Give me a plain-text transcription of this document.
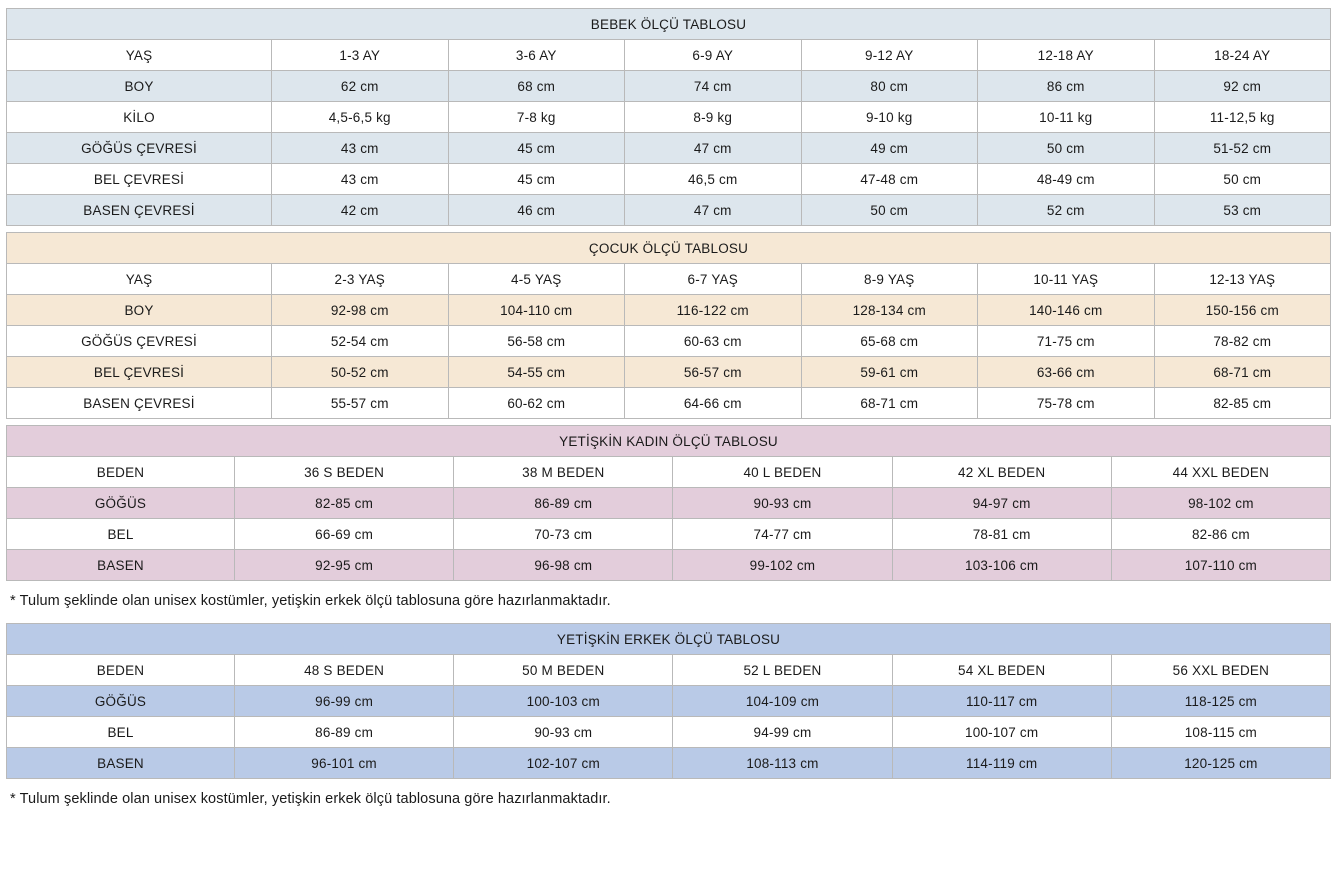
BEBEK ÖLÇÜ TABLOSU						
YAŞ	1-3 AY	3-6 AY	6-9 AY	9-12 AY	12-18 AY	18-24 AY
BOY	62 cm	68 cm	74 cm	80 cm	86 cm	92 cm
KİLO	4,5-6,5 kg	7-8 kg	8-9 kg	9-10 kg	10-11 kg	11-12,5 kg
GÖĞÜS ÇEVRESİ	43 cm	45 cm	47 cm	49 cm	50 cm	51-52 cm
BEL ÇEVRESİ	43 cm	45 cm	46,5 cm	47-48 cm	48-49 cm	50 cm
BASEN ÇEVRESİ	42 cm	46 cm	47 cm	50 cm	52 cm	53 cm
ÇOCUK ÖLÇÜ TABLOSU						
YAŞ	2-3 YAŞ	4-5 YAŞ	6-7 YAŞ	8-9 YAŞ	10-11 YAŞ	12-13 YAŞ
BOY	92-98 cm	104-110 cm	116-122 cm	128-134 cm	140-146 cm	150-156 cm
GÖĞÜS ÇEVRESİ	52-54 cm	56-58 cm	60-63 cm	65-68 cm	71-75 cm	78-82 cm
BEL ÇEVRESİ	50-52 cm	54-55 cm	56-57 cm	59-61 cm	63-66 cm	68-71 cm
BASEN ÇEVRESİ	55-57 cm	60-62 cm	64-66 cm	68-71 cm	75-78 cm	82-85 cm
YETİŞKİN KADIN ÖLÇÜ TABLOSU					
BEDEN	36 S BEDEN	38 M BEDEN	40 L BEDEN	42 XL BEDEN	44 XXL BEDEN
GÖĞÜS	82-85 cm	86-89 cm	90-93 cm	94-97 cm	98-102 cm
BEL	66-69 cm	70-73 cm	74-77 cm	78-81 cm	82-86 cm
BASEN	92-95 cm	96-98 cm	99-102 cm	103-106 cm	107-110 cm

* Tulum şeklinde olan unisex kostümler, yetişkin erkek ölçü tablosuna göre hazırlanmaktadır.

YETİŞKİN ERKEK ÖLÇÜ TABLOSU					
BEDEN	48 S BEDEN	50 M BEDEN	52 L BEDEN	54 XL BEDEN	56 XXL BEDEN
GÖĞÜS	96-99 cm	100-103 cm	104-109 cm	110-117 cm	118-125 cm
BEL	86-89 cm	90-93 cm	94-99 cm	100-107 cm	108-115 cm
BASEN	96-101 cm	102-107 cm	108-113 cm	114-119 cm	120-125 cm

* Tulum şeklinde olan unisex kostümler, yetişkin erkek ölçü tablosuna göre hazırlanmaktadır.
